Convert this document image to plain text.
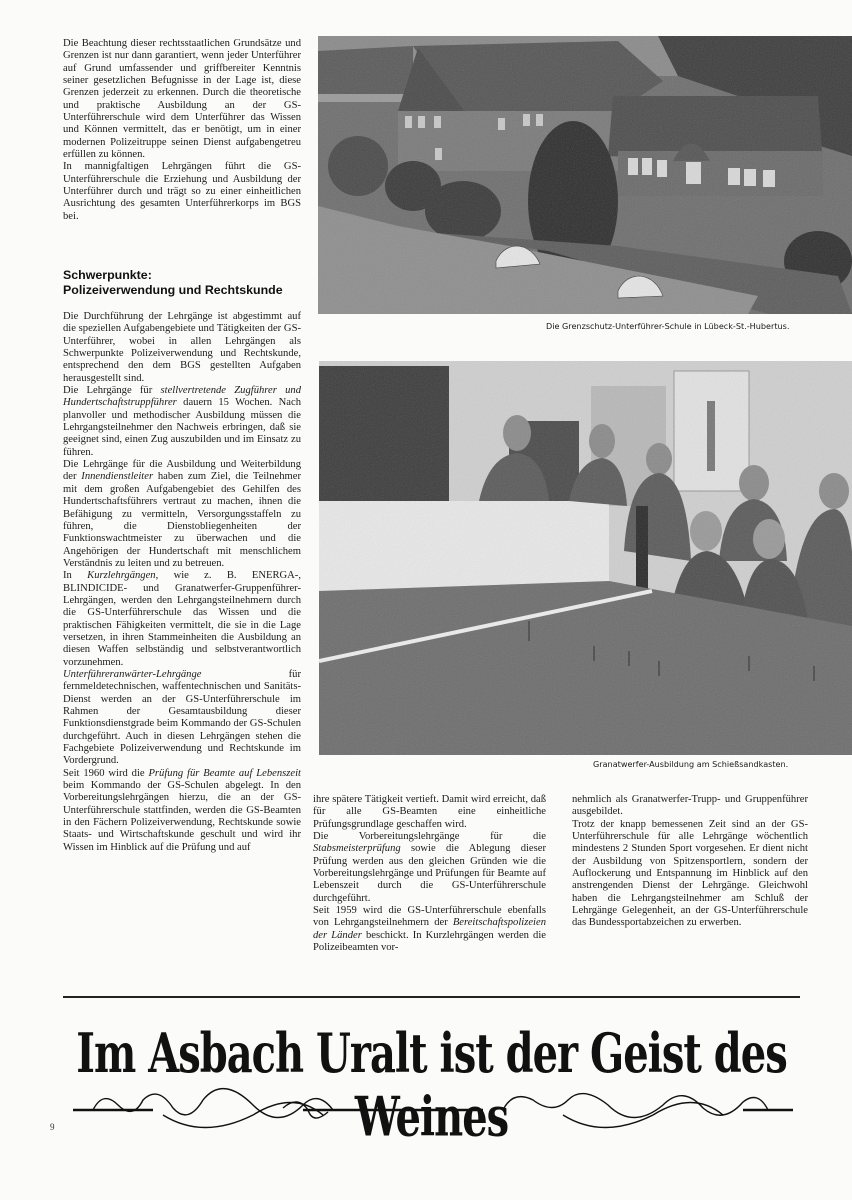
Die Beachtung dieser rechtsstaatlichen Grundsätze und Grenzen ist nur dann garantiert, wenn jeder Unterführer auf Grund umfassender und griffbereiter Kenntnis seiner gesetzlichen Befugnisse in der Lage ist, diese Grenzen jederzeit zu erkennen. Durch die theoretische und praktische Ausbildung an der GS-Unterführerschule wird dem Unterführer das Wissen und Können vermittelt, das er benötigt, um in einer modernen Polizeitruppe seinen Dienst aufgabengetreu erfüllen zu können.

In mannigfaltigen Lehrgängen führt die GS-Unterführerschule die Erziehung und Ausbildung der Unterführer durch und trägt so zu einer einheitlichen Ausrichtung des gesamten Unterführerkorps im BGS bei.

Schwerpunkte:
Polizeiverwendung und Rechtskunde

Die Durchführung der Lehrgänge ist abgestimmt auf die speziellen Aufgabengebiete und Tätigkeiten der GS-Unterführer, wobei in allen Lehrgängen als Schwerpunkte Polizeiverwendung und Rechtskunde, entsprechend den dem BGS gestellten Aufgaben herausgestellt sind.

Die Lehrgänge für stellvertretende Zugführer und Hundertschaftstruppführer dauern 15 Wochen. Nach planvoller und methodischer Ausbildung müssen die Lehrgangsteilnehmer den Nachweis erbringen, daß sie geeignet sind, einen Zug auszubilden und im Einsatz zu führen.

Die Lehrgänge für die Ausbildung und Weiterbildung der Innendienstleiter haben zum Ziel, die Teilnehmer mit dem großen Aufgabengebiet des Gehilfen des Hundertschaftsführers vertraut zu machen, ihnen die Befähigung zu vermitteln, Versorgungsstaffeln zu führen, die Dienstobliegenheiten der Funktionswachtmeister zu überwachen und die Angehörigen der Hundertschaft mit menschlichem Verständnis zu leiten und zu betreuen.

In Kurzlehrgängen, wie z. B. ENERGA-, BLINDICIDE- und Granatwerfer-Gruppenführer-Lehrgängen, werden den Lehrgangsteilnehmern durch die GS-Unterführerschule das Wissen und die praktischen Fähigkeiten vermittelt, die sie in die Lage versetzen, in ihren Stammeinheiten die Ausbildung an diesen Waffen selbständig und selbstverantwortlich vorzunehmen.

Unterführeranwärter-Lehrgänge für fernmeldetechnischen, waffentechnischen und Sanitäts-Dienst werden an der GS-Unterführerschule im Rahmen der Gesamtausbildung dieser Funktionsdienstgrade beim Kommando der GS-Schulen durchgeführt. Auch in diesen Lehrgängen stehen die Fachgebiete Polizeiverwendung und Rechtskunde im Vordergrund.

Seit 1960 wird die Prüfung für Beamte auf Lebenszeit beim Kommando der GS-Schulen abgelegt. In den Vorbereitungslehrgängen hierzu, die an der GS-Unterführerschule stattfinden, werden die GS-Beamten in den Fächern Polizeiverwendung, Rechtskunde sowie Staats- und Wirtschaftskunde geschult und wird ihr Wissen im Hinblick auf die Prüfung und auf

ihre spätere Tätigkeit vertieft. Damit wird erreicht, daß für alle GS-Beamten eine einheitliche Prüfungsgrundlage geschaffen wird.

Die Vorbereitungslehrgänge für die Stabsmeisterprüfung sowie die Ablegung dieser Prüfung werden aus den gleichen Gründen wie die Vorbereitungslehrgänge und Prüfungen für Beamte auf Lebenszeit durch die GS-Unterführerschule durchgeführt.

Seit 1959 wird die GS-Unterführerschule ebenfalls von Lehrgangsteilnehmern der Bereitschaftspolizeien der Länder beschickt. In Kurzlehrgängen werden die Polizeibeamten vor-

nehmlich als Granatwerfer-Trupp- und Gruppenführer ausgebildet.

Trotz der knapp bemessenen Zeit sind an der GS-Unterführerschule für alle Lehrgänge wöchentlich mindestens 2 Stunden Sport vorgesehen. Er dient nicht der Ausbildung von Spitzensportlern, sondern der Auflockerung und Entspannung im Hinblick auf den anstrengenden Dienst der Lehrgänge. Gleichwohl haben die Lehrgangsteilnehmer am Schluß der Lehrgänge Gelegenheit, an der GS-Unterführerschule das Bundessportabzeichen zu erwerben.

Die Grenzschutz-Unterführer-Schule in Lübeck-St.-Hubertus.
Granatwerfer-Ausbildung am Schießsandkasten.
Im Asbach Uralt ist der Geist des Weines
9
